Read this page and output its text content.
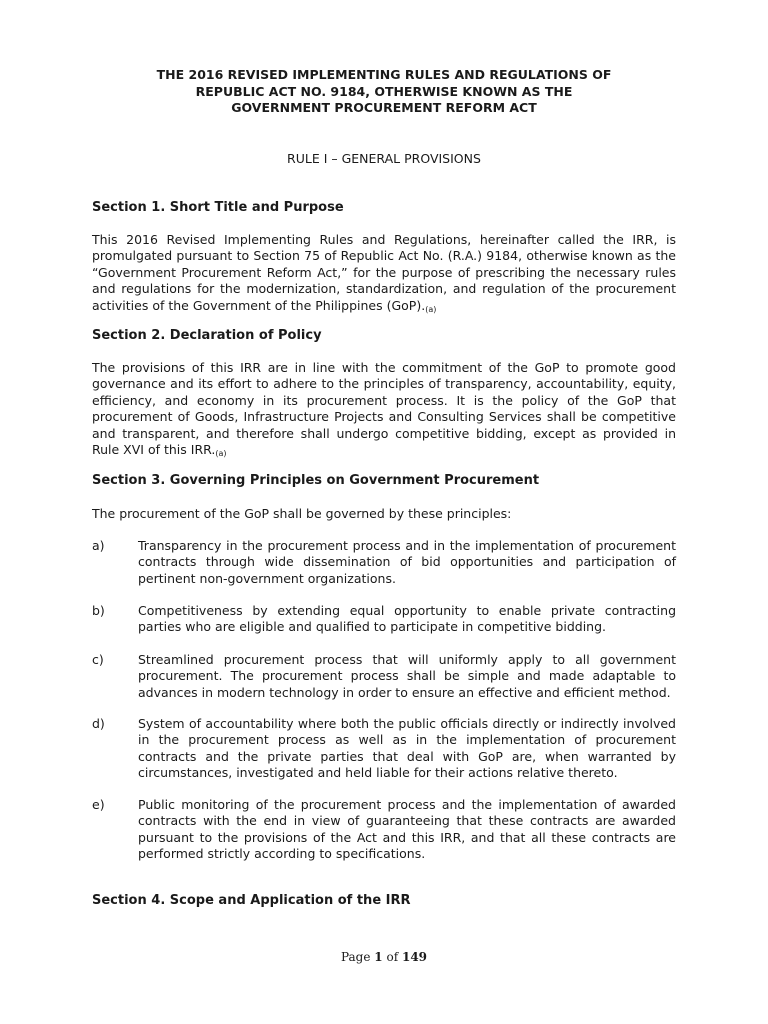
THE 2016 REVISED IMPLEMENTING RULES AND REGULATIONS OF
REPUBLIC ACT NO. 9184, OTHERWISE KNOWN AS THE
GOVERNMENT PROCUREMENT REFORM ACT
RULE I – GENERAL PROVISIONS
Section 1. Short Title and Purpose

This 2016 Revised Implementing Rules and Regulations, hereinafter called the IRR, is promulgated pursuant to Section 75 of Republic Act No. (R.A.) 9184, otherwise known as the “Government Procurement Reform Act,” for the purpose of prescribing the necessary rules and regulations for the modernization, standardization, and regulation of the procurement activities of the Government of the Philippines (GoP).(a)

Section 2. Declaration of Policy

The provisions of this IRR are in line with the commitment of the GoP to promote good governance and its effort to adhere to the principles of transparency, accountability, equity, efficiency, and economy in its procurement process. It is the policy of the GoP that procurement of Goods, Infrastructure Projects and Consulting Services shall be competitive and transparent, and therefore shall undergo competitive bidding, except as provided in Rule XVI of this IRR.(a)

Section 3. Governing Principles on Government Procurement

The procurement of the GoP shall be governed by these principles:

a)	Transparency in the procurement process and in the implementation of procurement contracts through wide dissemination of bid opportunities and participation of pertinent non-government organizations.

b)	Competitiveness by extending equal opportunity to enable private contracting parties who are eligible and qualified to participate in competitive bidding.

c)	Streamlined procurement process that will uniformly apply to all government procurement. The procurement process shall be simple and made adaptable to advances in modern technology in order to ensure an effective and efficient method.

d)	System of accountability where both the public officials directly or indirectly involved in the procurement process as well as in the implementation of procurement contracts and the private parties that deal with GoP are, when warranted by circumstances, investigated and held liable for their actions relative thereto.

e)	Public monitoring of the procurement process and the implementation of awarded contracts with the end in view of guaranteeing that these contracts are awarded pursuant to the provisions of the Act and this IRR, and that all these contracts are performed strictly according to specifications.

Section 4. Scope and Application of the IRR
Page 1 of 149
